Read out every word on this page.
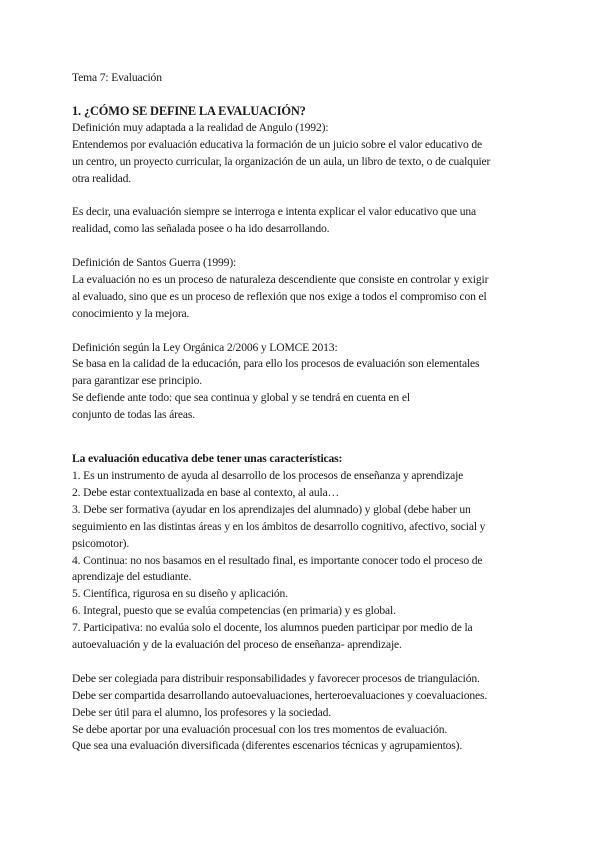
Tema 7: Evaluación
1. ¿CÓMO SE DEFINE LA EVALUACIÓN?
Definición muy adaptada a la realidad de Angulo (1992):
Entendemos por evaluación educativa la formación de un juicio sobre el valor educativo de
un centro, un proyecto curricular, la organización de un aula, un libro de texto, o de cualquier
otra realidad.
Es decir, una evaluación siempre se interroga e intenta explicar el valor educativo que una
realidad, como las señalada posee o ha ido desarrollando.
Definición de Santos Guerra (1999):
La evaluación no es un proceso de naturaleza descendiente que consiste en controlar y exigir
al evaluado, sino que es un proceso de reflexión que nos exige a todos el compromiso con el
conocimiento y la mejora.
Definición según la Ley Orgánica 2/2006 y LOMCE 2013:
Se basa en la calidad de la educación, para ello los procesos de evaluación son elementales
para garantizar ese principio.
Se defiende ante todo: que sea continua y global y se tendrá en cuenta en el
conjunto de todas las áreas.
La evaluación educativa debe tener unas características:
1. Es un instrumento de ayuda al desarrollo de los procesos de enseñanza y aprendizaje
2. Debe estar contextualizada en base al contexto, al aula…
3. Debe ser formativa (ayudar en los aprendizajes del alumnado) y global (debe haber un
seguimiento en las distintas áreas y en los ámbitos de desarrollo cognitivo, afectivo, social y
psicomotor).
4. Continua: no nos basamos en el resultado final, es importante conocer todo el proceso de
aprendizaje del estudiante.
5. Científica, rigurosa en su diseño y aplicación.
6. Integral, puesto que se evalúa competencias (en primaria) y es global.
7. Participativa: no evalúa solo el docente, los alumnos pueden participar por medio de la
autoevaluación y de la evaluación del proceso de enseñanza- aprendizaje.
Debe ser colegiada para distribuir responsabilidades y favorecer procesos de triangulación.
Debe ser compartida desarrollando autoevaluaciones, herteroevaluaciones y coevaluaciones.
Debe ser útil para el alumno, los profesores y la sociedad.
Se debe aportar por una evaluación procesual con los tres momentos de evaluación.
Que sea una evaluación diversificada (diferentes escenarios técnicas y agrupamientos).
